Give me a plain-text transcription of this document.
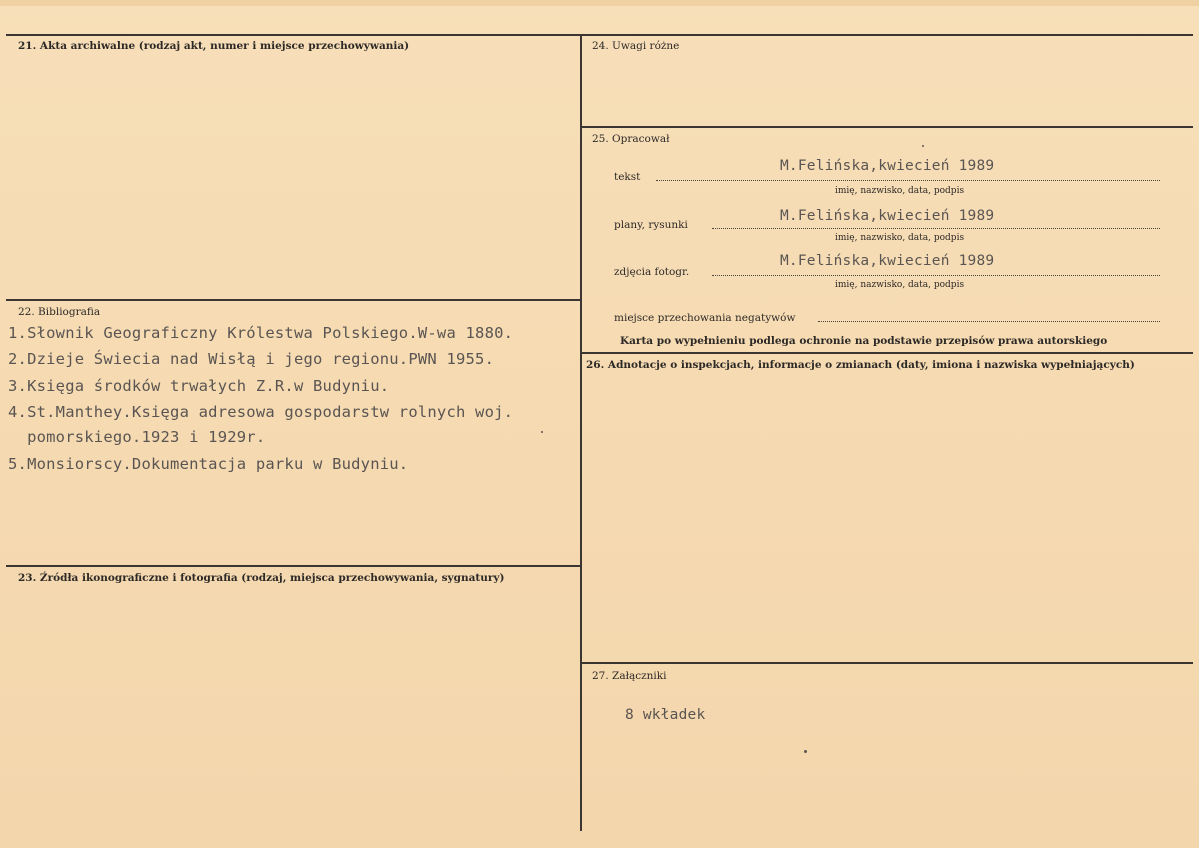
21. Akta archiwalne (rodzaj akt, numer i miejsce przechowywania)
22. Bibliografia
1.Słownik Geograficzny Królestwa Polskiego.W-wa 1880.
2.Dzieje Świecia nad Wisłą i jego regionu.PWN 1955.
3.Księga środków trwałych Z.R.w Budyniu.
4.St.Manthey.Księga adresowa gospodarstw rolnych woj.
pomorskiego.1923 i 1929r.
5.Monsiorscy.Dokumentacja parku w Budyniu.
23. Źródła ikonograficzne i fotografia (rodzaj, miejsca przechowywania, sygnatury)
24. Uwagi różne
25. Opracował
tekst
M.Felińska,kwiecień 1989
imię, nazwisko, data, podpis
plany, rysunki
M.Felińska,kwiecień 1989
imię, nazwisko, data, podpis
zdjęcia fotogr.
M.Felińska,kwiecień 1989
imię, nazwisko, data, podpis
miejsce przechowania negatywów
Karta po wypełnieniu podlega ochronie na podstawie przepisów prawa autorskiego
26. Adnotacje o inspekcjach, informacje o zmianach (daty, imiona i nazwiska wypełniających)
27. Załączniki
8 wkładek
